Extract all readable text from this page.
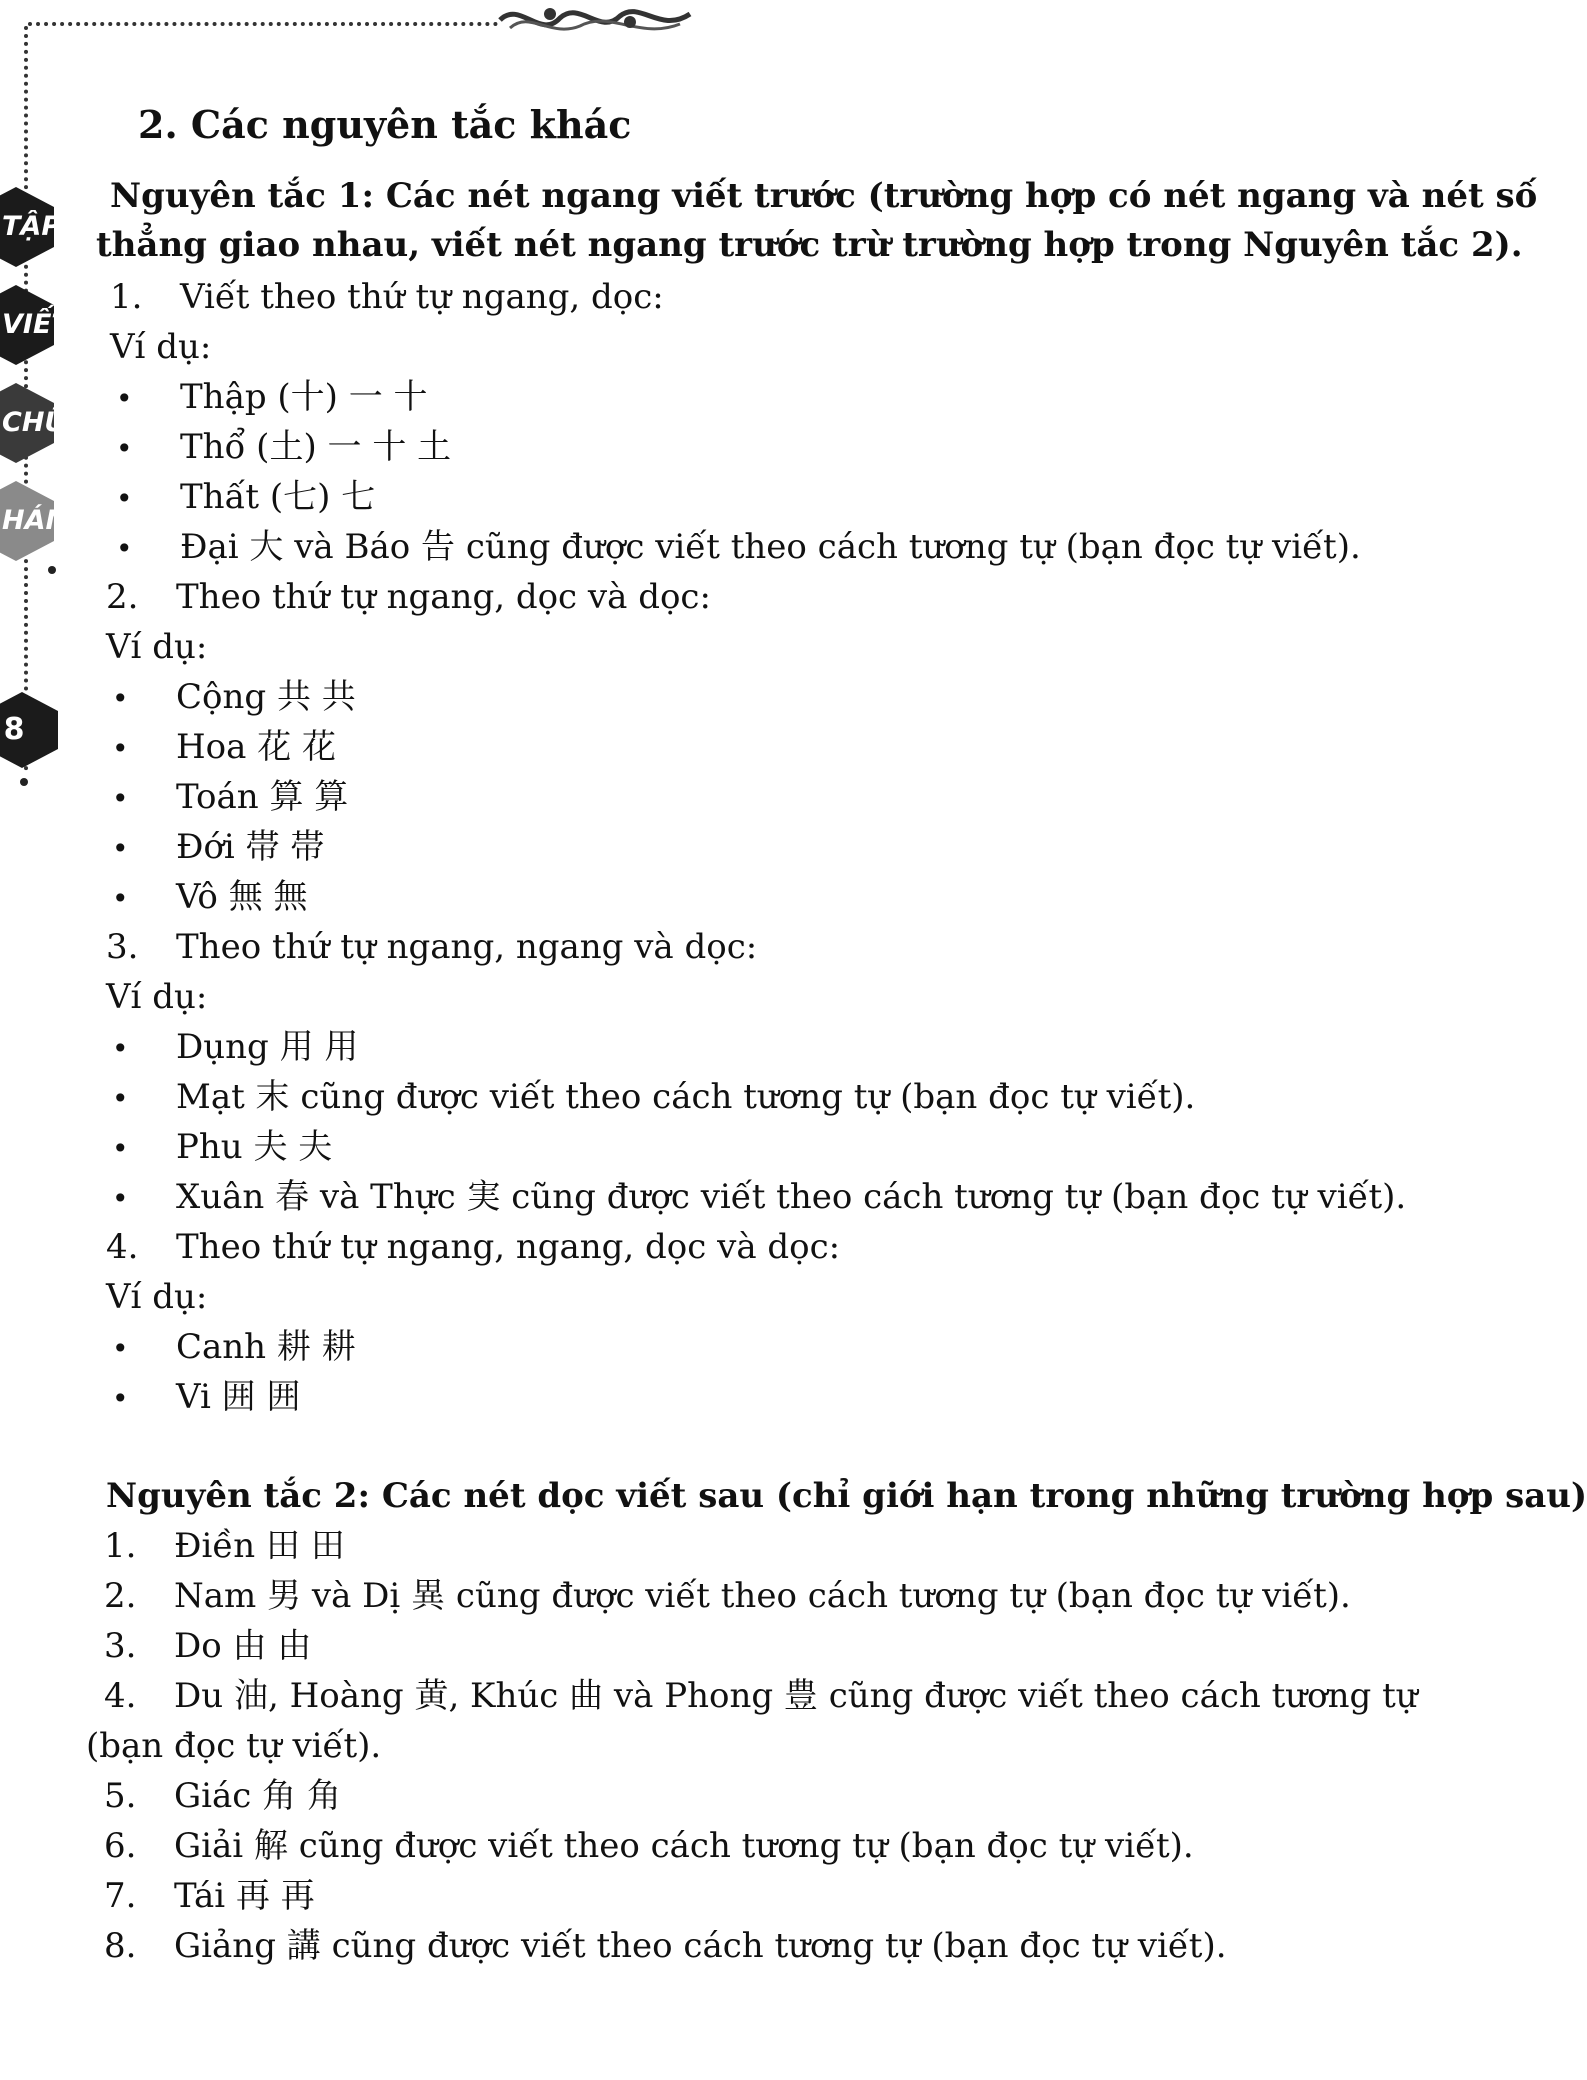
TẬP
VIẾT
CHỮ
HÁN
8

2. Các nguyên tắc khác

Nguyên tắc 1: Các nét ngang viết trước (trường hợp có nét ngang và nét số

thẳng giao nhau, viết nét ngang trước trừ trường hợp trong Nguyên tắc 2).

1. Viết theo thứ tự ngang, dọc:

Ví dụ:

•Thập (十) 一 十

•Thổ (土) 一 十 土

•Thất (七) 七

•Đại 大 và Báo 告 cũng được viết theo cách tương tự (bạn đọc tự viết).

2. Theo thứ tự ngang, dọc và dọc:

Ví dụ:

•Cộng 共 共

•Hoa 花 花

•Toán 算 算

•Đới 帯 帯

•Vô 無 無

3. Theo thứ tự ngang, ngang và dọc:

Ví dụ:

•Dụng 用 用

•Mạt 末 cũng được viết theo cách tương tự (bạn đọc tự viết).

•Phu 夫 夫

•Xuân 春 và Thực 実 cũng được viết theo cách tương tự (bạn đọc tự viết).

4. Theo thứ tự ngang, ngang, dọc và dọc:

Ví dụ:

•Canh 耕 耕

•Vi 囲 囲

Nguyên tắc 2: Các nét dọc viết sau (chỉ giới hạn trong những trường hợp sau)

1. Điền 田 田

2. Nam 男 và Dị 異 cũng được viết theo cách tương tự (bạn đọc tự viết).

3. Do 由 由

4. Du 油, Hoàng 黄, Khúc 曲 và Phong 豊 cũng được viết theo cách tương tự

(bạn đọc tự viết).

5. Giác 角 角

6. Giải 解 cũng được viết theo cách tương tự (bạn đọc tự viết).

7. Tái 再 再

8. Giảng 講 cũng được viết theo cách tương tự (bạn đọc tự viết).
